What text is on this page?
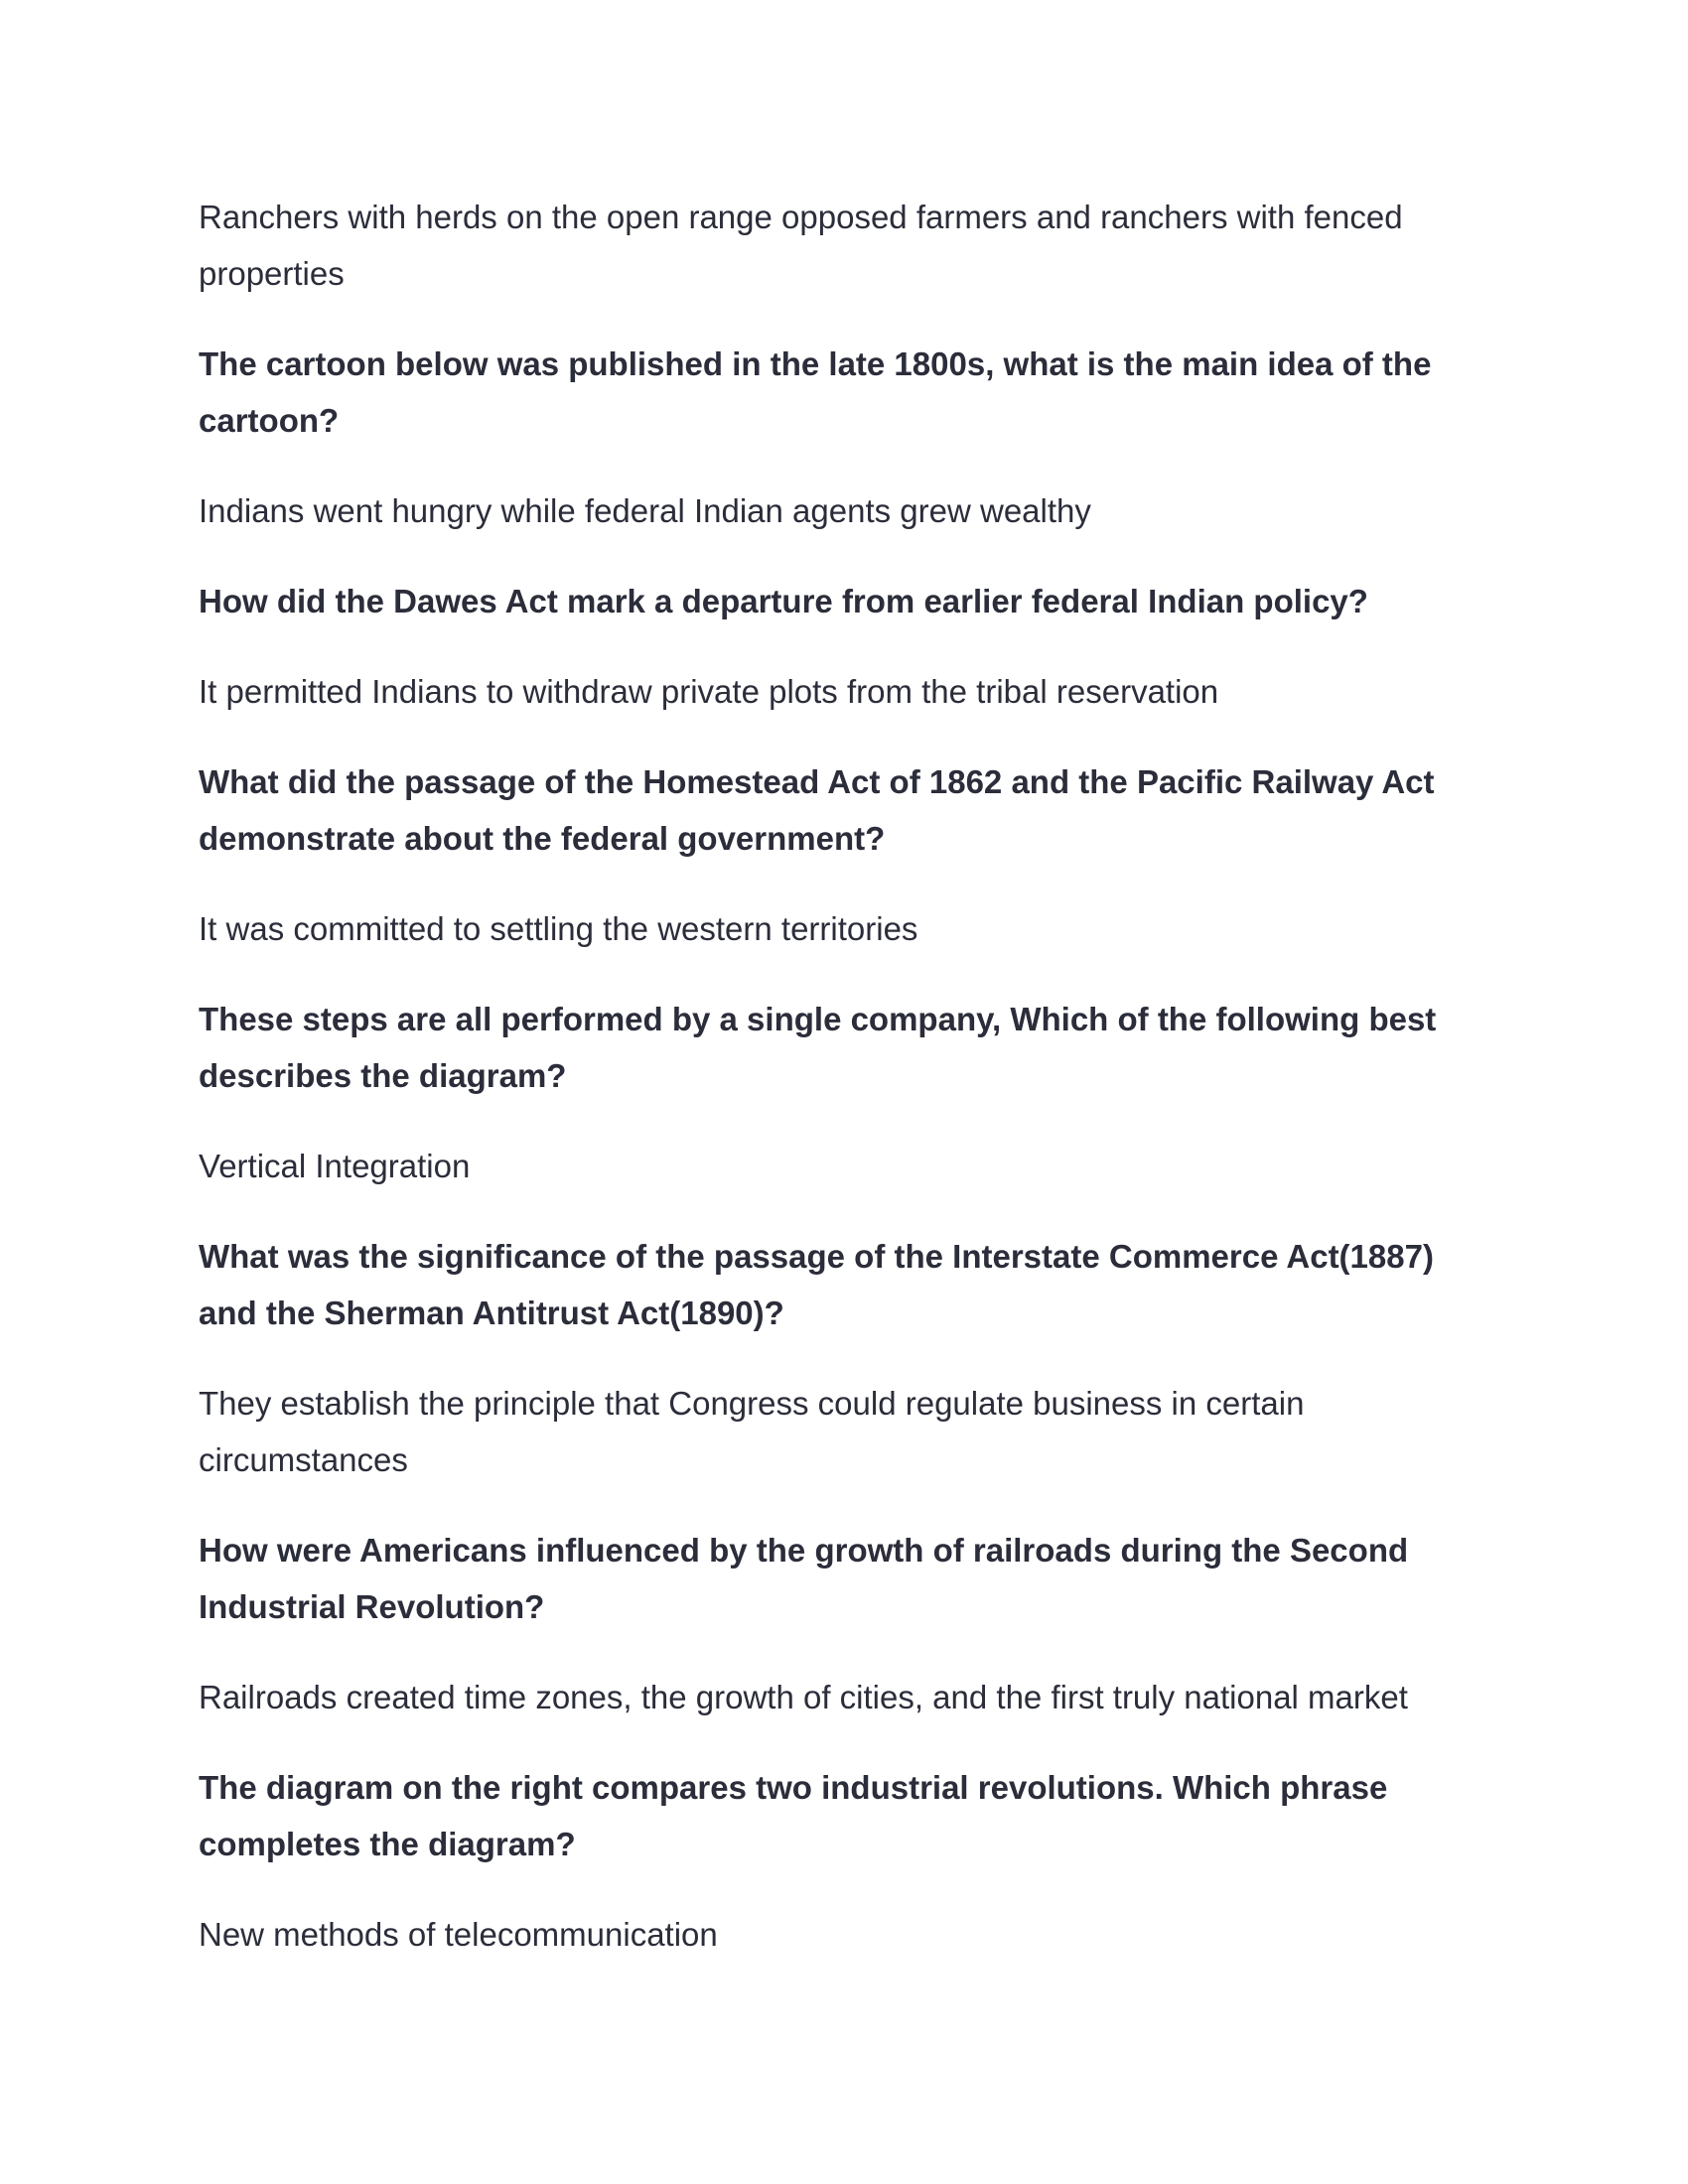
Ranchers with herds on the open range opposed farmers and ranchers with fenced properties

The cartoon below was published in the late 1800s, what is the main idea of the cartoon?

Indians went hungry while federal Indian agents grew wealthy

How did the Dawes Act mark a departure from earlier federal Indian policy?

It permitted Indians to withdraw private plots from the tribal reservation

What did the passage of the Homestead Act of 1862 and the Pacific Railway Act demonstrate about the federal government?

It was committed to settling the western territories

These steps are all performed by a single company, Which of the following best describes the diagram?

Vertical Integration

What was the significance of the passage of the Interstate Commerce Act(1887) and the Sherman Antitrust Act(1890)?

They establish the principle that Congress could regulate business in certain circumstances

How were Americans influenced by the growth of railroads during the Second Industrial Revolution?

Railroads created time zones, the growth of cities, and the first truly national market

The diagram on the right compares two industrial revolutions. Which phrase completes the diagram?

New methods of telecommunication
